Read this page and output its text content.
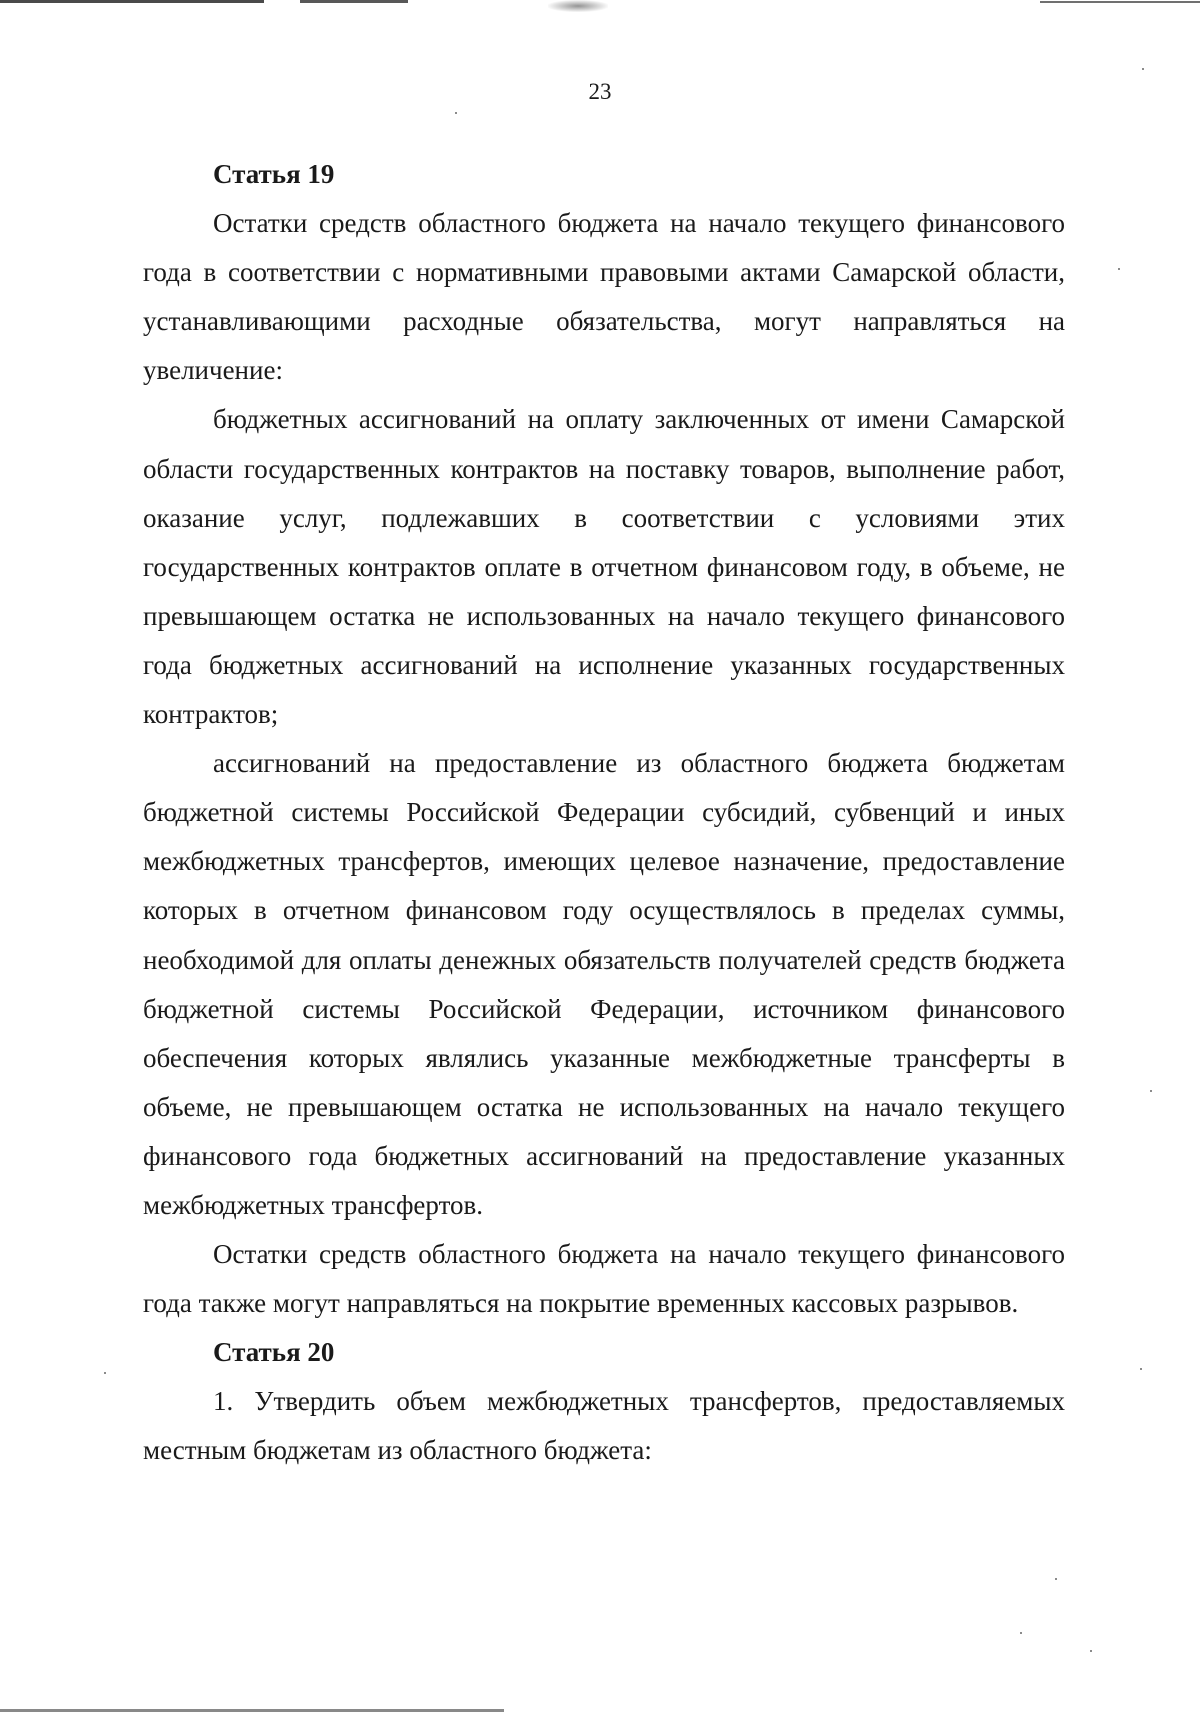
23

Статья 19

Остатки средств областного бюджета на начало текущего финансового года в соответствии с нормативными правовыми актами Самарской области, устанавливающими расходные обязательства, могут направляться на увеличение:

бюджетных ассигнований на оплату заключенных от имени Самарской области государственных контрактов на поставку товаров, выполнение работ, оказание услуг, подлежавших в соответствии с условиями этих государственных контрактов оплате в отчетном финансовом году, в объеме, не превышающем остатка не использованных на начало текущего финансового года бюджетных ассигнований на исполнение указанных государственных контрактов;

ассигнований на предоставление из областного бюджета бюджетам бюджетной системы Российской Федерации субсидий, субвенций и иных межбюджетных трансфертов, имеющих целевое назначение, предоставление которых в отчетном финансовом году осуществлялось в пределах суммы, необходимой для оплаты денежных обязательств получателей средств бюджета бюджетной системы Российской Федерации, источником финансового обеспечения которых являлись указанные межбюджетные трансферты в объеме, не превышающем остатка не использованных на начало текущего финансового года бюджетных ассигнований на предоставление указанных межбюджетных трансфертов.

Остатки средств областного бюджета на начало текущего финансового года также могут направляться на покрытие временных кассовых разрывов.

Статья 20

1. Утвердить объем межбюджетных трансфертов, предоставляемых местным бюджетам из областного бюджета:
